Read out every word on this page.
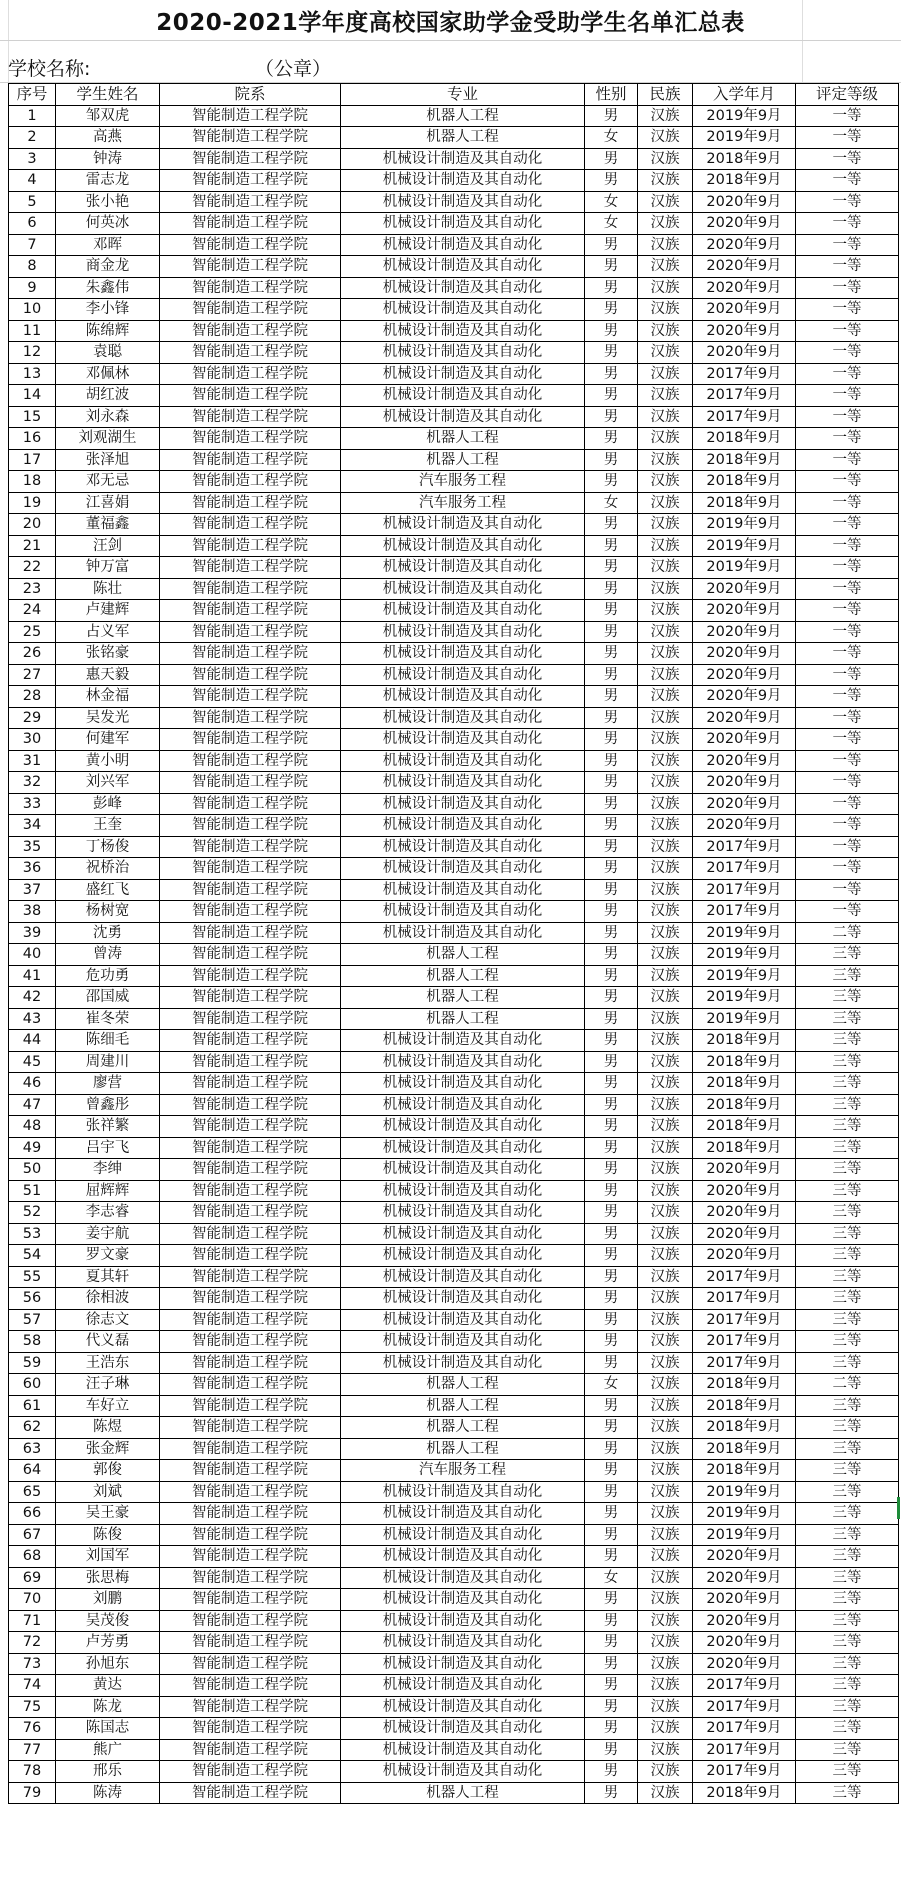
2020-2021学年度高校国家助学金受助学生名单汇总表
学校名称:	（公章）
序号	学生姓名	院系	专业	性别	民族	入学年月	评定等级
1	邹双虎	智能制造工程学院	机器人工程	男	汉族	2019年9月	一等
2	高燕	智能制造工程学院	机器人工程	女	汉族	2019年9月	一等
3	钟涛	智能制造工程学院	机械设计制造及其自动化	男	汉族	2018年9月	一等
4	雷志龙	智能制造工程学院	机械设计制造及其自动化	男	汉族	2018年9月	一等
5	张小艳	智能制造工程学院	机械设计制造及其自动化	女	汉族	2020年9月	一等
6	何英冰	智能制造工程学院	机械设计制造及其自动化	女	汉族	2020年9月	一等
7	邓晖	智能制造工程学院	机械设计制造及其自动化	男	汉族	2020年9月	一等
8	商金龙	智能制造工程学院	机械设计制造及其自动化	男	汉族	2020年9月	一等
9	朱鑫伟	智能制造工程学院	机械设计制造及其自动化	男	汉族	2020年9月	一等
10	李小锋	智能制造工程学院	机械设计制造及其自动化	男	汉族	2020年9月	一等
11	陈绵辉	智能制造工程学院	机械设计制造及其自动化	男	汉族	2020年9月	一等
12	袁聪	智能制造工程学院	机械设计制造及其自动化	男	汉族	2020年9月	一等
13	邓佩林	智能制造工程学院	机械设计制造及其自动化	男	汉族	2017年9月	一等
14	胡红波	智能制造工程学院	机械设计制造及其自动化	男	汉族	2017年9月	一等
15	刘永森	智能制造工程学院	机械设计制造及其自动化	男	汉族	2017年9月	一等
16	刘观湖生	智能制造工程学院	机器人工程	男	汉族	2018年9月	一等
17	张泽旭	智能制造工程学院	机器人工程	男	汉族	2018年9月	一等
18	邓无忌	智能制造工程学院	汽车服务工程	男	汉族	2018年9月	一等
19	江喜娟	智能制造工程学院	汽车服务工程	女	汉族	2018年9月	一等
20	董福鑫	智能制造工程学院	机械设计制造及其自动化	男	汉族	2019年9月	一等
21	汪剑	智能制造工程学院	机械设计制造及其自动化	男	汉族	2019年9月	一等
22	钟万富	智能制造工程学院	机械设计制造及其自动化	男	汉族	2019年9月	一等
23	陈壮	智能制造工程学院	机械设计制造及其自动化	男	汉族	2020年9月	一等
24	卢建辉	智能制造工程学院	机械设计制造及其自动化	男	汉族	2020年9月	一等
25	占义军	智能制造工程学院	机械设计制造及其自动化	男	汉族	2020年9月	一等
26	张铭豪	智能制造工程学院	机械设计制造及其自动化	男	汉族	2020年9月	一等
27	惠天毅	智能制造工程学院	机械设计制造及其自动化	男	汉族	2020年9月	一等
28	林金福	智能制造工程学院	机械设计制造及其自动化	男	汉族	2020年9月	一等
29	吴发光	智能制造工程学院	机械设计制造及其自动化	男	汉族	2020年9月	一等
30	何建军	智能制造工程学院	机械设计制造及其自动化	男	汉族	2020年9月	一等
31	黄小明	智能制造工程学院	机械设计制造及其自动化	男	汉族	2020年9月	一等
32	刘兴军	智能制造工程学院	机械设计制造及其自动化	男	汉族	2020年9月	一等
33	彭峰	智能制造工程学院	机械设计制造及其自动化	男	汉族	2020年9月	一等
34	王奎	智能制造工程学院	机械设计制造及其自动化	男	汉族	2020年9月	一等
35	丁杨俊	智能制造工程学院	机械设计制造及其自动化	男	汉族	2017年9月	一等
36	祝桥治	智能制造工程学院	机械设计制造及其自动化	男	汉族	2017年9月	一等
37	盛红飞	智能制造工程学院	机械设计制造及其自动化	男	汉族	2017年9月	一等
38	杨树宽	智能制造工程学院	机械设计制造及其自动化	男	汉族	2017年9月	一等
39	沈勇	智能制造工程学院	机械设计制造及其自动化	男	汉族	2019年9月	二等
40	曾涛	智能制造工程学院	机器人工程	男	汉族	2019年9月	三等
41	危功勇	智能制造工程学院	机器人工程	男	汉族	2019年9月	三等
42	邵国威	智能制造工程学院	机器人工程	男	汉族	2019年9月	三等
43	崔冬荣	智能制造工程学院	机器人工程	男	汉族	2019年9月	三等
44	陈细毛	智能制造工程学院	机械设计制造及其自动化	男	汉族	2018年9月	三等
45	周建川	智能制造工程学院	机械设计制造及其自动化	男	汉族	2018年9月	三等
46	廖营	智能制造工程学院	机械设计制造及其自动化	男	汉族	2018年9月	三等
47	曾鑫彤	智能制造工程学院	机械设计制造及其自动化	男	汉族	2018年9月	三等
48	张祥繁	智能制造工程学院	机械设计制造及其自动化	男	汉族	2018年9月	三等
49	吕宇飞	智能制造工程学院	机械设计制造及其自动化	男	汉族	2018年9月	三等
50	李绅	智能制造工程学院	机械设计制造及其自动化	男	汉族	2020年9月	三等
51	屈辉辉	智能制造工程学院	机械设计制造及其自动化	男	汉族	2020年9月	三等
52	李志睿	智能制造工程学院	机械设计制造及其自动化	男	汉族	2020年9月	三等
53	姜宇航	智能制造工程学院	机械设计制造及其自动化	男	汉族	2020年9月	三等
54	罗文豪	智能制造工程学院	机械设计制造及其自动化	男	汉族	2020年9月	三等
55	夏其轩	智能制造工程学院	机械设计制造及其自动化	男	汉族	2017年9月	三等
56	徐相波	智能制造工程学院	机械设计制造及其自动化	男	汉族	2017年9月	三等
57	徐志文	智能制造工程学院	机械设计制造及其自动化	男	汉族	2017年9月	三等
58	代义磊	智能制造工程学院	机械设计制造及其自动化	男	汉族	2017年9月	三等
59	王浩东	智能制造工程学院	机械设计制造及其自动化	男	汉族	2017年9月	三等
60	汪子琳	智能制造工程学院	机器人工程	女	汉族	2018年9月	二等
61	车好立	智能制造工程学院	机器人工程	男	汉族	2018年9月	三等
62	陈煜	智能制造工程学院	机器人工程	男	汉族	2018年9月	三等
63	张金辉	智能制造工程学院	机器人工程	男	汉族	2018年9月	三等
64	郭俊	智能制造工程学院	汽车服务工程	男	汉族	2018年9月	三等
65	刘斌	智能制造工程学院	机械设计制造及其自动化	男	汉族	2019年9月	三等
66	吴王豪	智能制造工程学院	机械设计制造及其自动化	男	汉族	2019年9月	三等
67	陈俊	智能制造工程学院	机械设计制造及其自动化	男	汉族	2019年9月	三等
68	刘国军	智能制造工程学院	机械设计制造及其自动化	男	汉族	2020年9月	三等
69	张思梅	智能制造工程学院	机械设计制造及其自动化	女	汉族	2020年9月	三等
70	刘鹏	智能制造工程学院	机械设计制造及其自动化	男	汉族	2020年9月	三等
71	吴茂俊	智能制造工程学院	机械设计制造及其自动化	男	汉族	2020年9月	三等
72	卢芳勇	智能制造工程学院	机械设计制造及其自动化	男	汉族	2020年9月	三等
73	孙旭东	智能制造工程学院	机械设计制造及其自动化	男	汉族	2020年9月	三等
74	黄达	智能制造工程学院	机械设计制造及其自动化	男	汉族	2017年9月	三等
75	陈龙	智能制造工程学院	机械设计制造及其自动化	男	汉族	2017年9月	三等
76	陈国志	智能制造工程学院	机械设计制造及其自动化	男	汉族	2017年9月	三等
77	熊广	智能制造工程学院	机械设计制造及其自动化	男	汉族	2017年9月	三等
78	邢乐	智能制造工程学院	机械设计制造及其自动化	男	汉族	2017年9月	三等
79	陈涛	智能制造工程学院	机器人工程	男	汉族	2018年9月	三等
